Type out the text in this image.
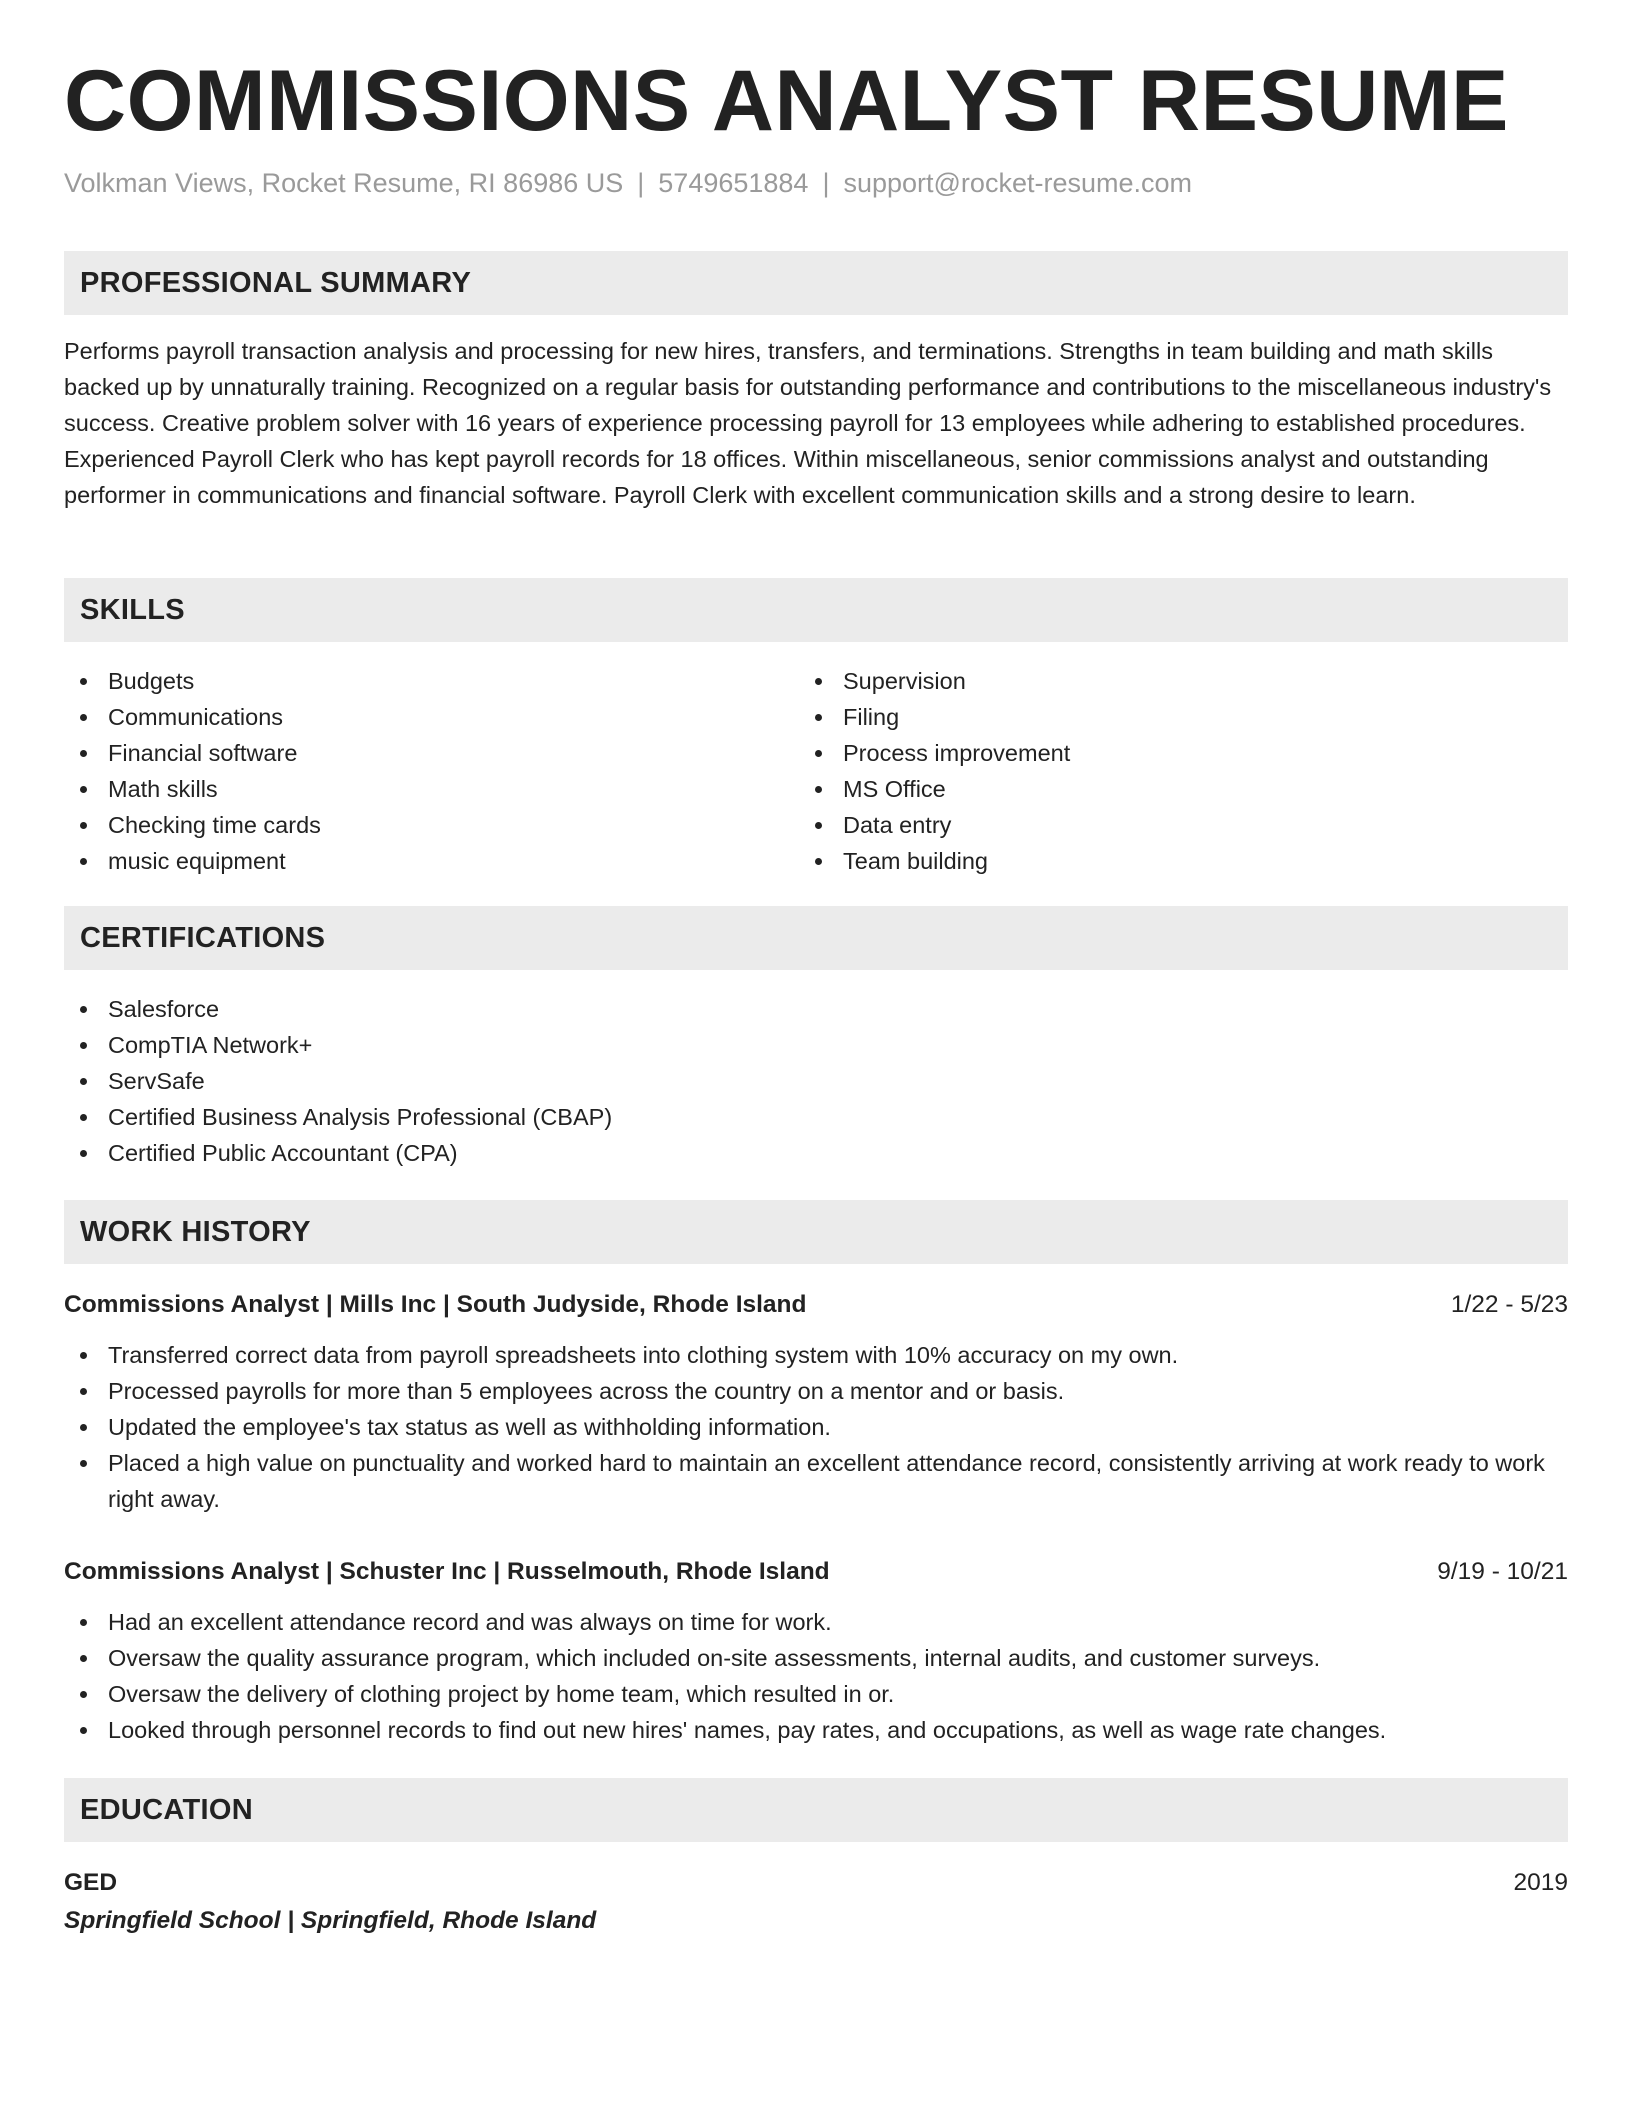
COMMISSIONS ANALYST RESUME
Volkman Views, Rocket Resume, RI 86986 US | 5749651884 | support@rocket-resume.com
PROFESSIONAL SUMMARY

Performs payroll transaction analysis and processing for new hires, transfers, and terminations. Strengths in team building and math skills backed up by unnaturally training. Recognized on a regular basis for outstanding performance and contributions to the miscellaneous industry's success. Creative problem solver with 16 years of experience processing payroll for 13 employees while adhering to established procedures. Experienced Payroll Clerk who has kept payroll records for 18 offices. Within miscellaneous, senior commissions analyst and outstanding performer in communications and financial software. Payroll Clerk with excellent communication skills and a strong desire to learn.

SKILLS
Budgets
Communications
Financial software
Math skills
Checking time cards
music equipment
Supervision
Filing
Process improvement
MS Office
Data entry
Team building
CERTIFICATIONS
Salesforce
CompTIA Network+
ServSafe
Certified Business Analysis Professional (CBAP)
Certified Public Accountant (CPA)
WORK HISTORY
Commissions Analyst | Mills Inc | South Judyside, Rhode Island	1/22 - 5/23
Transferred correct data from payroll spreadsheets into clothing system with 10% accuracy on my own.
Processed payrolls for more than 5 employees across the country on a mentor and or basis.
Updated the employee's tax status as well as withholding information.
Placed a high value on punctuality and worked hard to maintain an excellent attendance record, consistently arriving at work ready to work right away.
Commissions Analyst | Schuster Inc | Russelmouth, Rhode Island	9/19 - 10/21
Had an excellent attendance record and was always on time for work.
Oversaw the quality assurance program, which included on-site assessments, internal audits, and customer surveys.
Oversaw the delivery of clothing project by home team, which resulted in or.
Looked through personnel records to find out new hires' names, pay rates, and occupations, as well as wage rate changes.
EDUCATION
GED	2019
Springfield School | Springfield, Rhode Island
